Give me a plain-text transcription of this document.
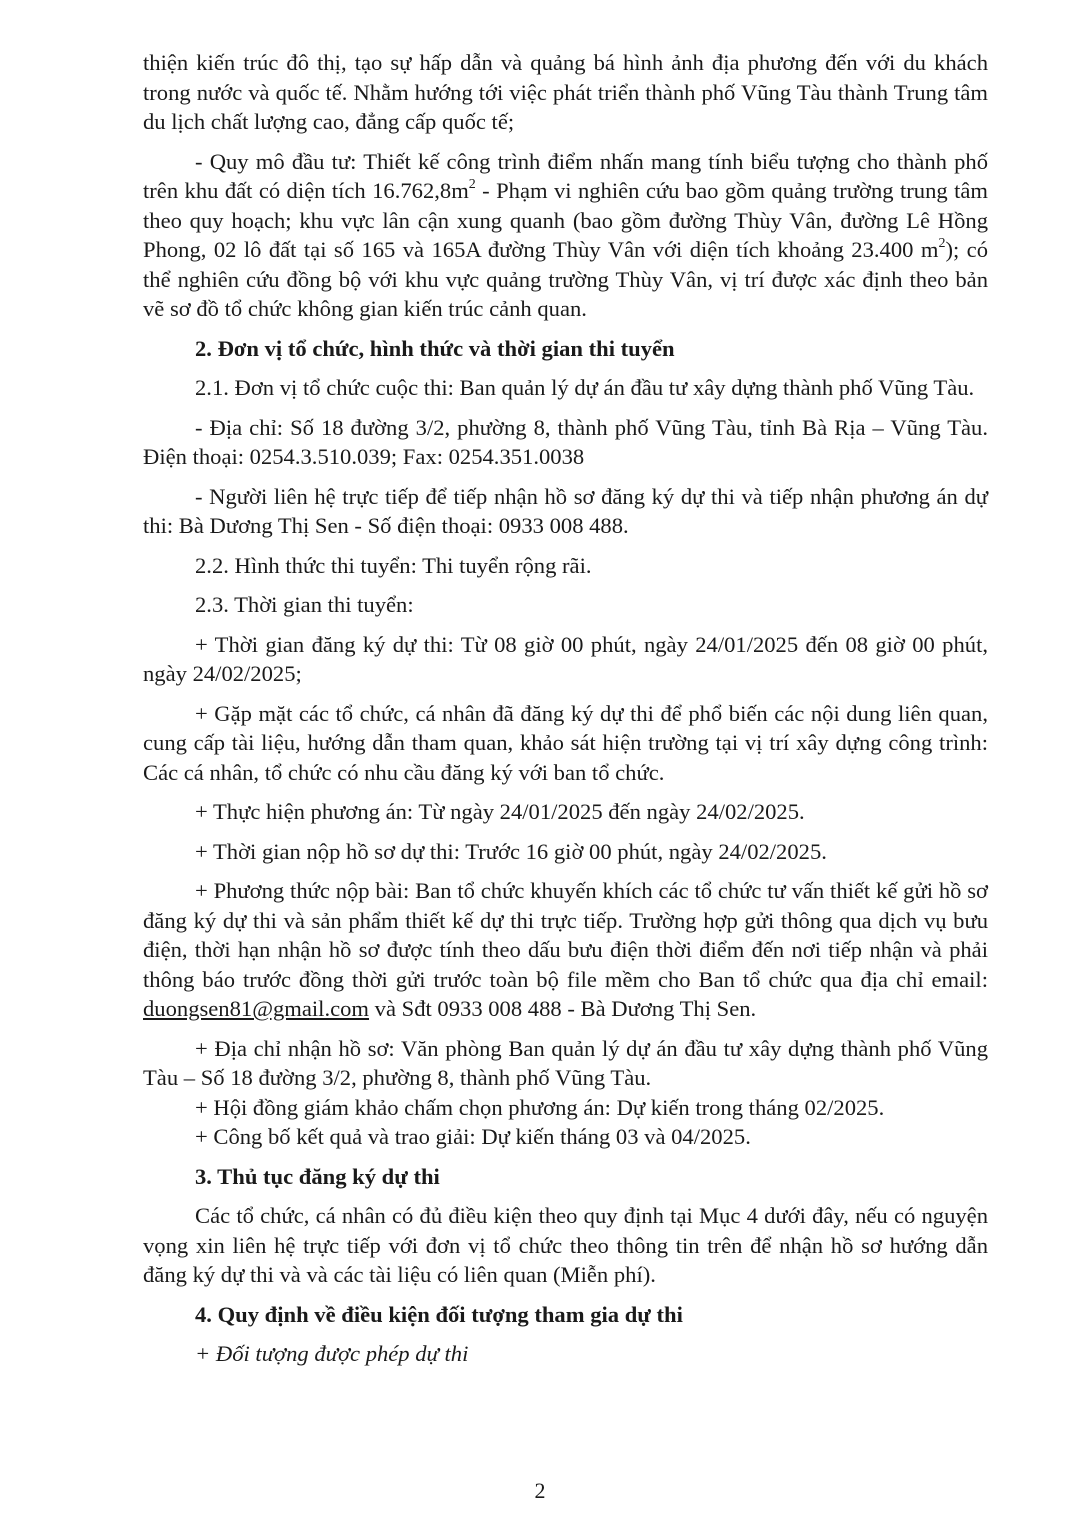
thiện kiến trúc đô thị, tạo sự hấp dẫn và quảng bá hình ảnh địa phương đến với du khách trong nước và quốc tế. Nhằm hướng tới việc phát triển thành phố Vũng Tàu thành Trung tâm du lịch chất lượng cao, đẳng cấp quốc tế;

- Quy mô đầu tư: Thiết kế công trình điểm nhấn mang tính biểu tượng cho thành phố trên khu đất có diện tích $16.762,8m^2$ - Phạm vi nghiên cứu bao gồm quảng trường trung tâm theo quy hoạch; khu vực lân cận xung quanh (bao gồm đường Thùy Vân, đường Lê Hồng Phong, 02 lô đất tại số 165 và 165A đường Thùy Vân với diện tích khoảng 23.400 $m^2$); có thể nghiên cứu đồng bộ với khu vực quảng trường Thùy Vân, vị trí được xác định theo bản vẽ sơ đồ tổ chức không gian kiến trúc cảnh quan.

2. Đơn vị tổ chức, hình thức và thời gian thi tuyển

2.1. Đơn vị tổ chức cuộc thi: Ban quản lý dự án đầu tư xây dựng thành phố Vũng Tàu.

- Địa chỉ: Số 18 đường 3/2, phường 8, thành phố Vũng Tàu, tỉnh Bà Rịa – Vũng Tàu. Điện thoại: 0254.3.510.039; Fax: 0254.351.0038

- Người liên hệ trực tiếp để tiếp nhận hồ sơ đăng ký dự thi và tiếp nhận phương án dự thi: Bà Dương Thị Sen - Số điện thoại: 0933 008 488.

2.2. Hình thức thi tuyển: Thi tuyển rộng rãi.

2.3. Thời gian thi tuyển:

+ Thời gian đăng ký dự thi: Từ 08 giờ 00 phút, ngày 24/01/2025 đến 08 giờ 00 phút, ngày 24/02/2025;

+ Gặp mặt các tổ chức, cá nhân đã đăng ký dự thi để phổ biến các nội dung liên quan, cung cấp tài liệu, hướng dẫn tham quan, khảo sát hiện trường tại vị trí xây dựng công trình: Các cá nhân, tổ chức có nhu cầu đăng ký với ban tổ chức.

+ Thực hiện phương án: Từ ngày 24/01/2025 đến ngày 24/02/2025.

+ Thời gian nộp hồ sơ dự thi: Trước 16 giờ 00 phút, ngày 24/02/2025.

+ Phương thức nộp bài: Ban tổ chức khuyến khích các tổ chức tư vấn thiết kế gửi hồ sơ đăng ký dự thi và sản phẩm thiết kế dự thi trực tiếp. Trường hợp gửi thông qua dịch vụ bưu điện, thời hạn nhận hồ sơ được tính theo dấu bưu điện thời điểm đến nơi tiếp nhận và phải thông báo trước đồng thời gửi trước toàn bộ file mềm cho Ban tổ chức qua địa chỉ email: duongsen81@gmail.com và Sđt 0933 008 488 - Bà Dương Thị Sen.

+ Địa chỉ nhận hồ sơ: Văn phòng Ban quản lý dự án đầu tư xây dựng thành phố Vũng Tàu – Số 18 đường 3/2, phường 8, thành phố Vũng Tàu.

+ Hội đồng giám khảo chấm chọn phương án: Dự kiến trong tháng 02/2025.

+ Công bố kết quả và trao giải: Dự kiến tháng 03 và 04/2025.

3. Thủ tục đăng ký dự thi

Các tổ chức, cá nhân có đủ điều kiện theo quy định tại Mục 4 dưới đây, nếu có nguyện vọng xin liên hệ trực tiếp với đơn vị tổ chức theo thông tin trên để nhận hồ sơ hướng dẫn đăng ký dự thi và và các tài liệu có liên quan (Miễn phí).

4. Quy định về điều kiện đối tượng tham gia dự thi

+ Đối tượng được phép dự thi

2
